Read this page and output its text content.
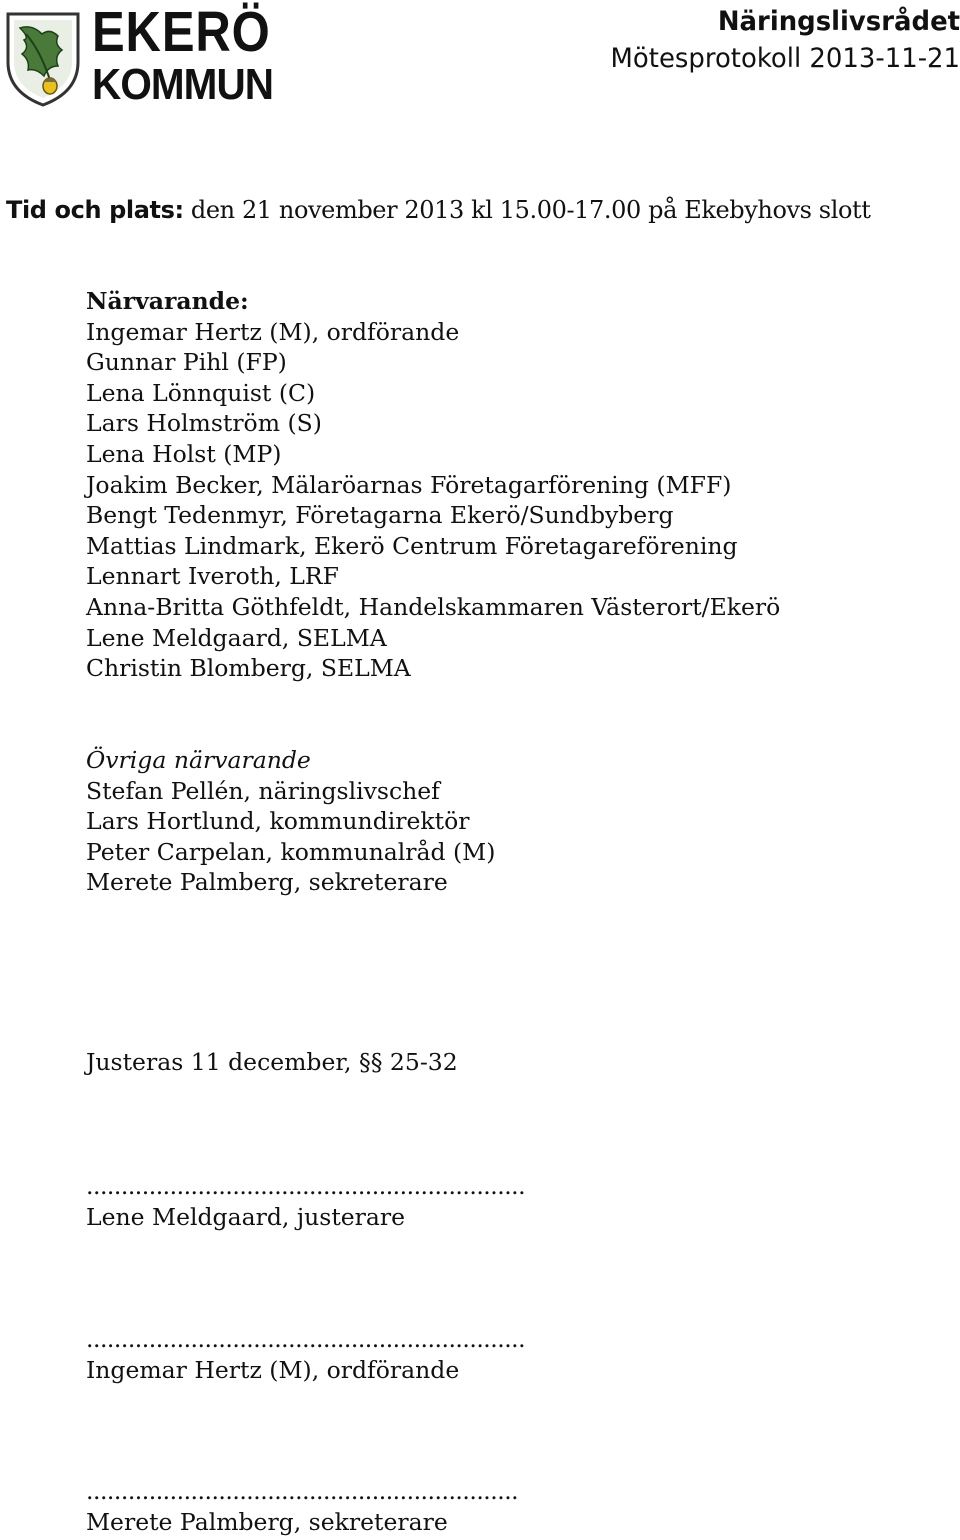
EKERÖ
KOMMUN
Näringslivsrådet
Mötesprotokoll 2013-11-21
Tid och plats: den 21 november 2013 kl 15.00-17.00 på Ekebyhovs slott
Närvarande:
Ingemar Hertz (M), ordförande
Gunnar Pihl (FP)
Lena Lönnquist (C)
Lars Holmström (S)
Lena Holst (MP)
Joakim Becker, Mälaröarnas Företagarförening (MFF)
Bengt Tedenmyr, Företagarna Ekerö/Sundbyberg
Mattias Lindmark, Ekerö Centrum Företagareförening
Lennart Iveroth, LRF
Anna-Britta Göthfeldt, Handelskammaren Västerort/Ekerö
Lene Meldgaard, SELMA
Christin Blomberg, SELMA
Övriga närvarande
Stefan Pellén, näringslivschef
Lars Hortlund, kommundirektör
Peter Carpelan, kommunalråd (M)
Merete Palmberg, sekreterare
Justeras 11 december, §§ 25-32
...............................................................
Lene Meldgaard, justerare
...............................................................
Ingemar Hertz (M), ordförande
..............................................................
Merete Palmberg, sekreterare
